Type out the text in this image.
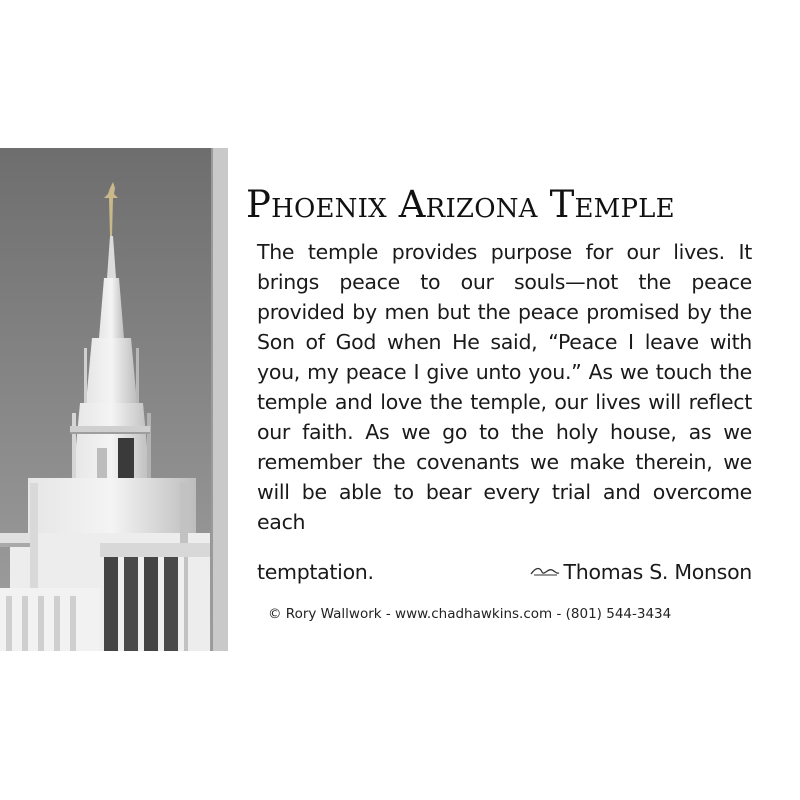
Phoenix Arizona Temple

The temple provides purpose for our lives. It brings peace to our souls—not the peace provided by men but the peace promised by the Son of God when He said, “Peace I leave with you, my peace I give unto you.” As we touch the temple and love the temple, our lives will reflect our faith. As we go to the holy house, as we remember the covenants we make therein, we will be able to bear every trial and overcome each

temptation.	Thomas S. Monson

© Rory Wallwork - www.chadhawkins.com - (801) 544-3434
